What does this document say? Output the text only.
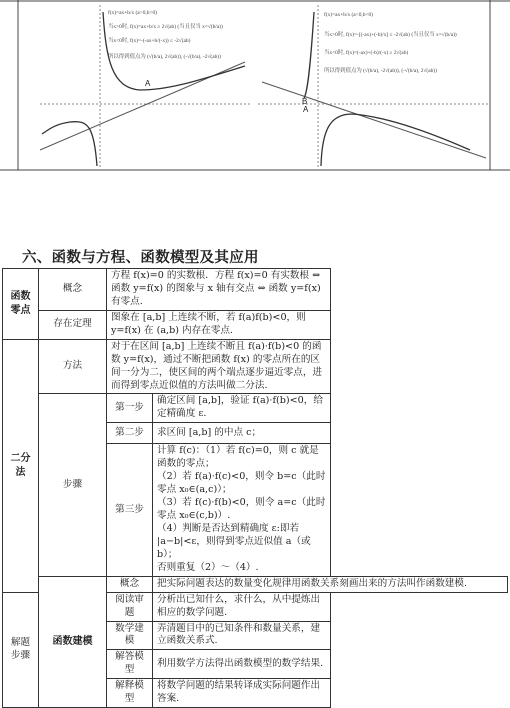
A
f(x)=ax+b/x (a>0,b>0)
当x>0时, f(x)=ax+b/x ≥ 2√(ab) (当且仅当 x=√(b/a))
当x<0时, f(x)=-(-ax+b/(-x)) ≤ -2√(ab)
所以得到值点为 (√(b/a), 2√(ab)), (-√(b/a), -2√(ab))
B
A
f(x)=ax+b/x (a<0,b<0)
当x>0时, f(x)=-[(-ax)+(-b)/x] ≤ -2√(ab) (当且仅当 x=√(b/a))
当x<0时, f(x)=(-ax)+(-b)/(-x) ≥ 2√(ab)
所以得到值点为 (√(b/a), -2√(ab)), (-√(b/a), 2√(ab))
六、函数与方程、函数模型及其应用
函数零点	概念	方程 f(x)=0 的实数根．方程 f(x)=0 有实数根 ⇔ 函数 y=f(x) 的图象与 x 轴有交点 ⇔ 函数 y=f(x) 有零点.	
	存在定理	图象在 [a,b] 上连续不断，若 f(a)f(b)<0，则 y=f(x) 在 (a,b) 内存在零点.	
二分法	方法	对于在区间 [a,b] 上连续不断且 f(a)·f(b)<0 的函数 y=f(x)，通过不断把函数 f(x) 的零点所在的区间一分为二，使区间的两个端点逐步逼近零点，进而得到零点近似值的方法叫做二分法.	
	步骤	第一步	确定区间 [a,b]，验证 f(a)·f(b)<0，给定精确度 ε.
		第二步	求区间 [a,b] 的中点 c；
		第三步	计算 f(c)：（1）若 f(c)=0，则 c 就是函数的零点；
（2）若 f(a)·f(c)<0，则令 b=c（此时零点 x₀∈(a,c)）；
（3）若 f(c)·f(b)<0，则令 a=c（此时零点 x₀∈(c,b)）.
（4）判断是否达到精确度 ε:即若 |a−b|<ε，则得到零点近似值 a（或 b）；
否则重复（2）～（4）.

	函数建模	概念	把实际问题表达的数量变化规律用函数关系刻画出来的方法叫作函数建模.
解题步骤		阅读审题	分析出已知什么，求什么，从中提炼出相应的数学问题.
		数学建模	弄清题目中的已知条件和数量关系，建立函数关系式.
		解答模型	利用数学方法得出函数模型的数学结果.
		解释模型	将数学问题的结果转译成实际问题作出答案.
